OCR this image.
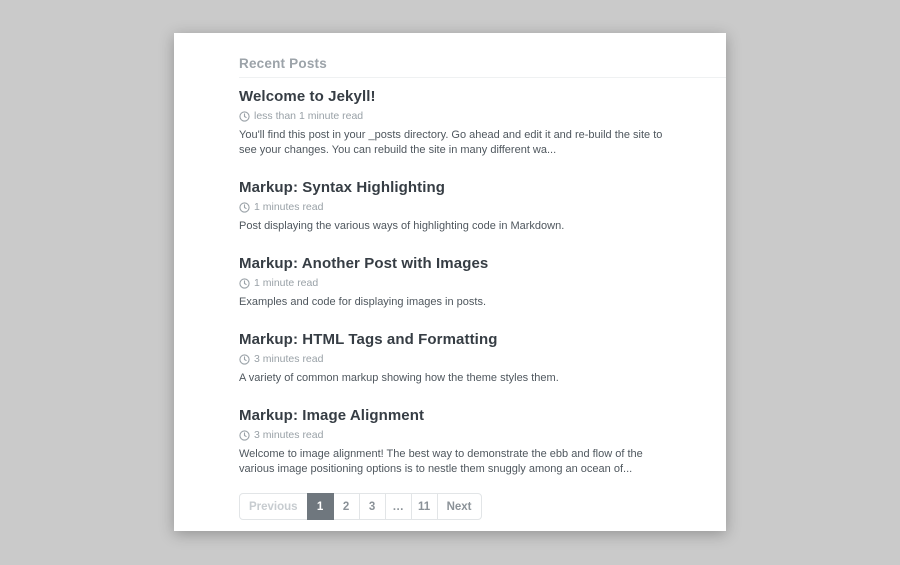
Recent Posts
Welcome to Jekyll!

less than 1 minute read

You'll find this post in your _posts directory. Go ahead and edit it and re-build the site to see your changes. You can rebuild the site in many different wa...

Markup: Syntax Highlighting

1 minutes read

Post displaying the various ways of highlighting code in Markdown.

Markup: Another Post with Images

1 minute read

Examples and code for displaying images in posts.

Markup: HTML Tags and Formatting

3 minutes read

A variety of common markup showing how the theme styles them.

Markup: Image Alignment

3 minutes read

Welcome to image alignment! The best way to demonstrate the ebb and flow of the various image positioning options is to nestle them snuggly among an ocean of...

Previous	1	2	3	…	11	Next
